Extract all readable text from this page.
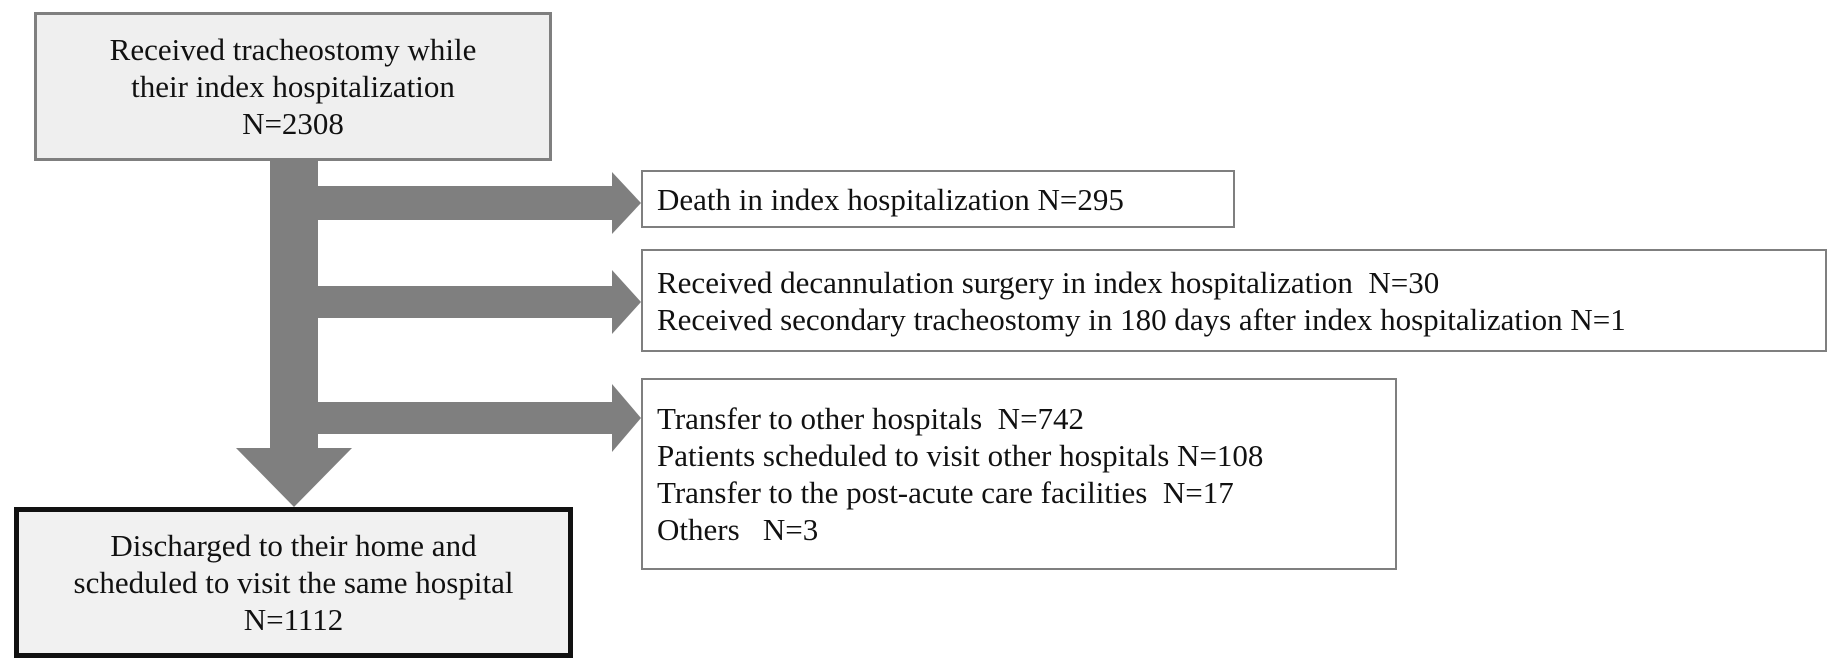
Received tracheostomy while
their index hospitalization
N=2308
Death in index hospitalization N=295
Received decannulation surgery in index hospitalization  N=30
Received secondary tracheostomy in 180 days after index hospitalization N=1
Transfer to other hospitals  N=742
Patients scheduled to visit other hospitals N=108
Transfer to the post-acute care facilities  N=17
Others   N=3
Discharged to their home and
scheduled to visit the same hospital
N=1112
